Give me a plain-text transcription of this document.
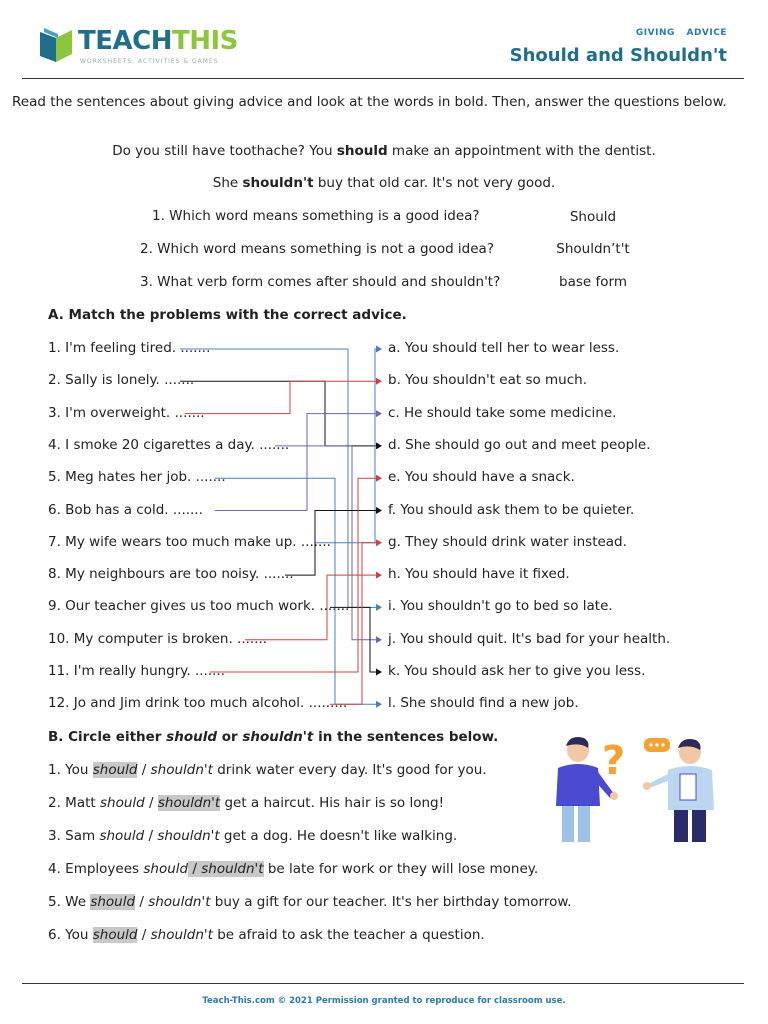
TEACHTHIS
WORKSHEETS, ACTIVITIES & GAMES
GIVING ADVICE
Should and Shouldn't
Read the sentences about giving advice and look at the words in bold. Then, answer the questions below.
Do you still have toothache? You should make an appointment with the dentist.
She shouldn't buy that old car. It's not very good.
1. Which word means something is a good idea?	Should
2. Which word means something is not a good idea?	Shouldn’t't
3. What verb form comes after should and shouldn't?	base form
A. Match the problems with the correct advice.
1. I'm feeling tired. .......
2. Sally is lonely. .......
3. I'm overweight. .......
4. I smoke 20 cigarettes a day. .......
5. Meg hates her job. .......
6. Bob has a cold. .......
7. My wife wears too much make up. .......
8. My neighbours are too noisy. .......
9. Our teacher gives us too much work. .......
10. My computer is broken. .......
11. I'm really hungry. .......
12. Jo and Jim drink too much alcohol. .........
a. You should tell her to wear less.
b. You shouldn't eat so much.
c. He should take some medicine.
d. She should go out and meet people.
e. You should have a snack.
f. You should ask them to be quieter.
g. They should drink water instead.
h. You should have it fixed.
i. You shouldn't go to bed so late.
j. You should quit. It's bad for your health.
k. You should ask her to give you less.
l. She should find a new job.
B. Circle either should or shouldn't in the sentences below.
1. You should / shouldn't drink water every day. It's good for you.
2. Matt should / shouldn't get a haircut. His hair is so long!
3. Sam should / shouldn't get a dog. He doesn't like walking.
4. Employees should / shouldn't be late for work or they will lose money.
5. We should / shouldn't buy a gift for our teacher. It's her birthday tomorrow.
6. You should / shouldn't be afraid to ask the teacher a question.
?
Teach-This.com © 2021 Permission granted to reproduce for classroom use.
